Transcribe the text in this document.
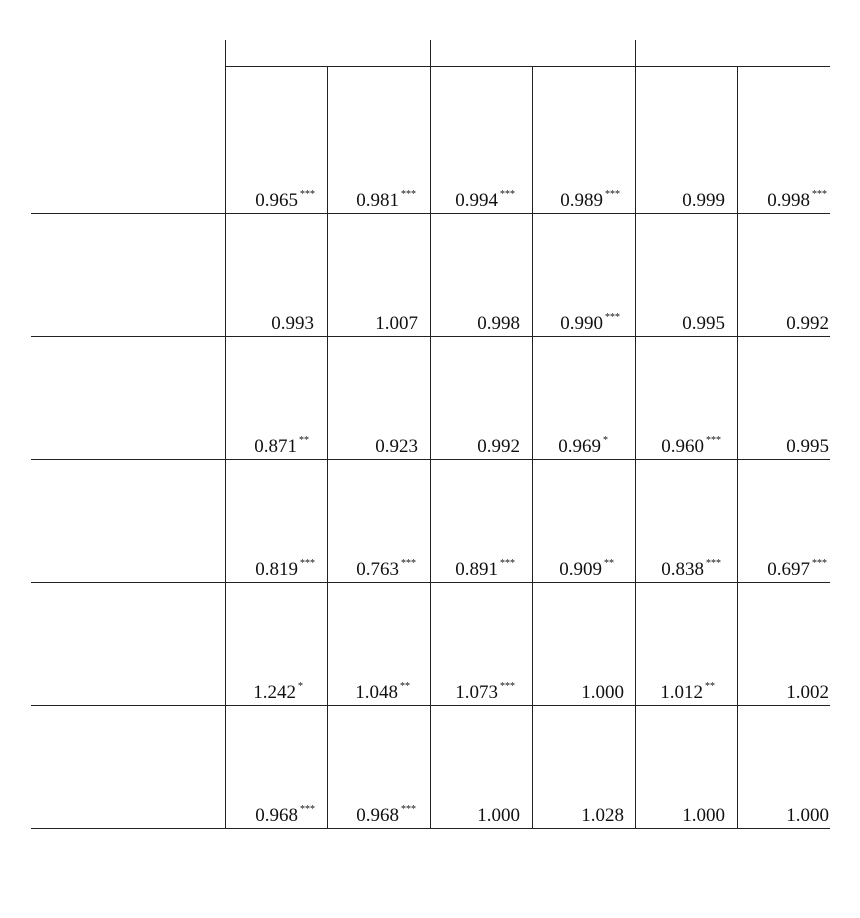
0.965 ***	0.981 ***	0.994 ***	0.989 ***	0.999	0.998 ***
0.993	1.007	0.998	0.990 ***	0.995	0.992
0.871 **	0.923	0.992	0.969 *	0.960 ***	0.995
0.819 ***	0.763 ***	0.891 ***	0.909 **	0.838 ***	0.697 ***
1.242 *	1.048 **	1.073 ***	1.000	1.012 **	1.002
0.968 ***	0.968 ***	1.000	1.028	1.000	1.000
